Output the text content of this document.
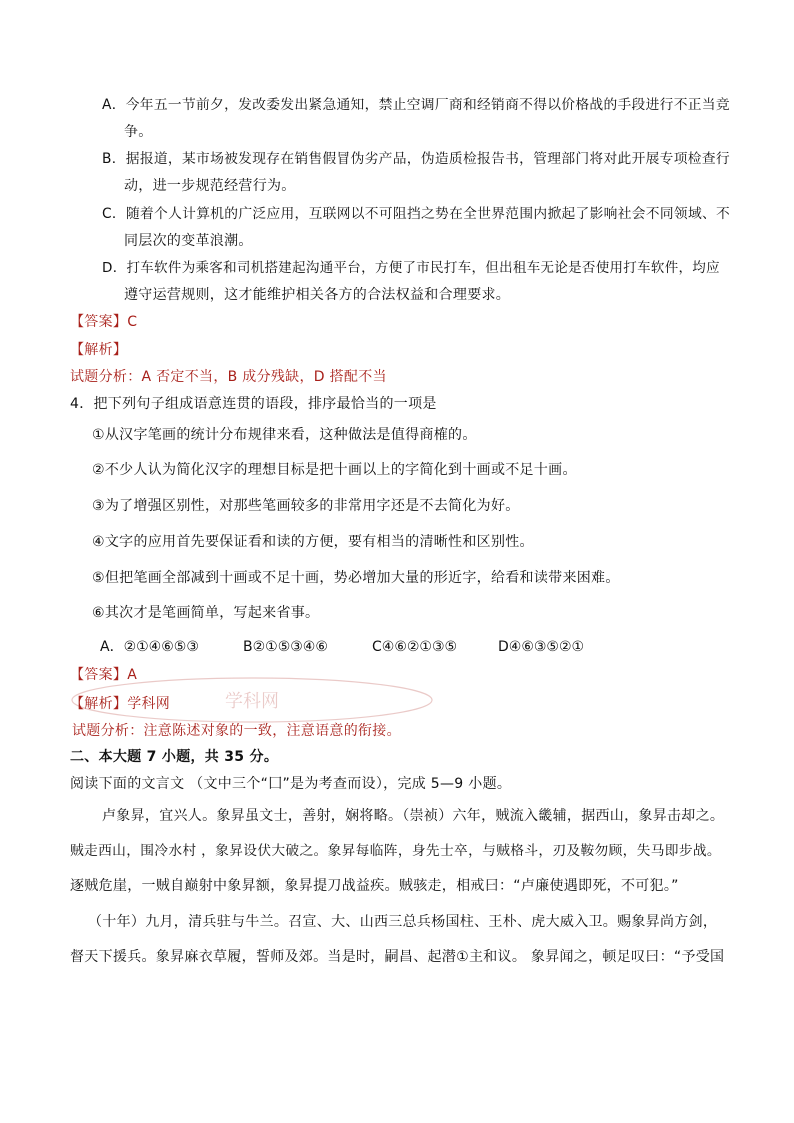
A．今年五一节前夕，发改委发出紧急通知，禁止空调厂商和经销商不得以价格战的手段进行不正当竞
争。
B．据报道，某市场被发现存在销售假冒伪劣产品，伪造质检报告书，管理部门将对此开展专项检查行
动，进一步规范经营行为。
C．随着个人计算机的广泛应用，互联网以不可阻挡之势在全世界范围内掀起了影响社会不同领域、不
同层次的变革浪潮。
D．打车软件为乘客和司机搭建起沟通平台，方便了市民打车，但出租车无论是否使用打车软件，均应
遵守运营规则，这才能维护相关各方的合法权益和合理要求。
【答案】C
【解析】
试题分析：A 否定不当，B 成分残缺，D 搭配不当
4．把下列句子组成语意连贯的语段，排序最恰当的一项是
①从汉字笔画的统计分布规律来看，这种做法是值得商榷的。
②不少人认为简化汉字的理想目标是把十画以上的字简化到十画或不足十画。
③为了增强区别性，对那些笔画较多的非常用字还是不去简化为好。
④文字的应用首先要保证看和读的方便，要有相当的清晰性和区别性。
⑤但把笔画全部减到十画或不足十画，势必增加大量的形近字，给看和读带来困难。
⑥其次才是笔画简单，写起来省事。
A．②①④⑥⑤③	B②①⑤③④⑥	C④⑥②①③⑤	D④⑥③⑤②①
学科网
【答案】A
【解析】学科网
试题分析：注意陈述对象的一致，注意语意的衔接。
二、本大题 7 小题，共 35 分。
阅读下面的文言文 （文中三个“囗”是为考查而设），完成 5—9 小题。
卢象昇，宜兴人。象昇虽文士，善射，娴将略。（崇祯）六年，贼流入畿辅，据西山，象昇击却之。
贼走西山，围冷水村 ，象昇设伏大破之。象昇每临阵，身先士卒，与贼格斗，刃及鞍勿顾，失马即步战。
逐贼危崖，一贼自巅射中象昇额，象昇提刀战益疾。贼骇走，相戒曰：“卢廉使遇即死，不可犯。”
（十年）九月，清兵驻与牛兰。召宣、大、山西三总兵杨国柱、王朴、虎大威入卫。赐象昇尚方剑，
督天下援兵。象昇麻衣草履，誓师及郊。当是时，嗣昌、起潜①主和议。 象昇闻之，顿足叹曰：“予受国
